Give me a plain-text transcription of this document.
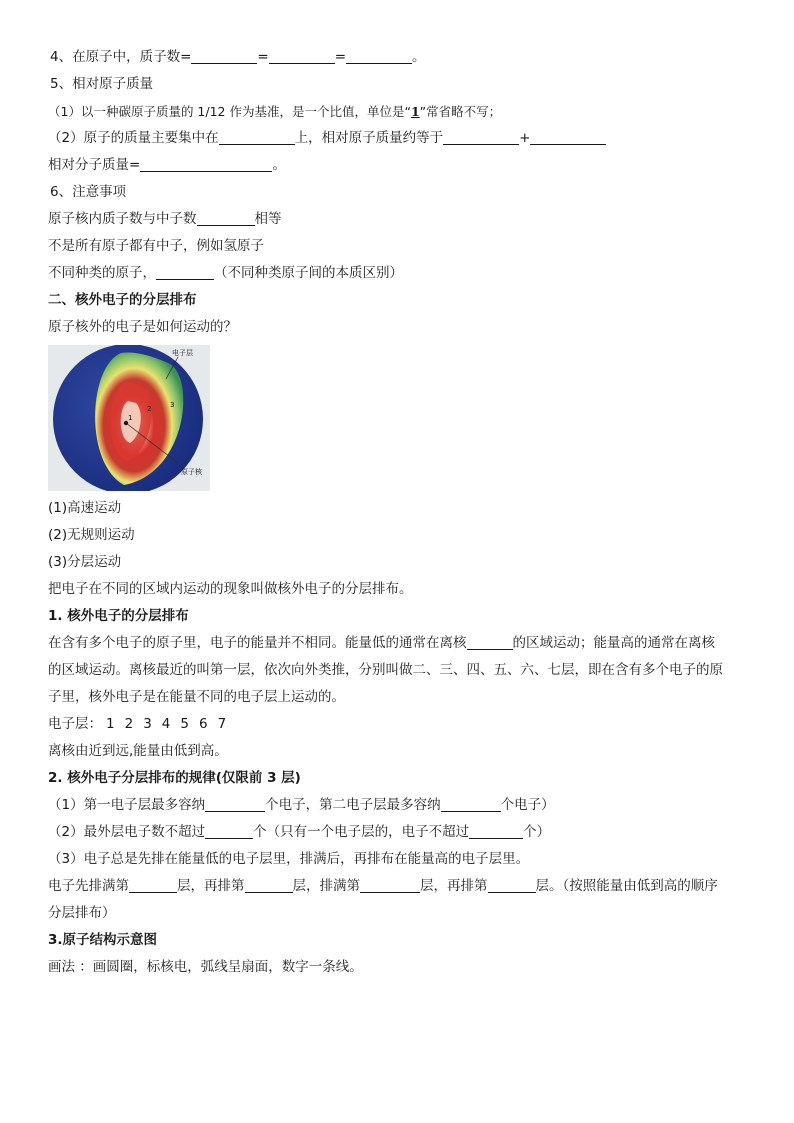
4、在原子中，质子数=	=	=	。
5、相对原子质量
（1）以一种碳原子质量的 1/12 作为基准，是一个比值，单位是“1”常省略不写；
（2）原子的质量主要集中在	上，相对原子质量约等于	+
相对分子质量=	。
6、注意事项
原子核内质子数与中子数	相等
不是所有原子都有中子，例如氢原子
不同种类的原子，	（不同种类原子间的本质区别）
二、核外电子的分层排布
原子核外的电子是如何运动的？
1
2	3
电子层
原子核
(1)高速运动
(2)无规则运动
(3)分层运动
把电子在不同的区域内运动的现象叫做核外电子的分层排布。
1. 核外电子的分层排布
在含有多个电子的原子里，电子的能量并不相同。能量低的通常在离核	的区域运动；能量高的通常在离核
的区域运动。离核最近的叫第一层，依次向外类推，分别叫做二、三、四、五、六、七层，即在含有多个电子的原
子里，核外电子是在能量不同的电子层上运动的。
电子层： 1 2 3 4 5 6 7
离核由近到远,能量由低到高。
2. 核外电子分层排布的规律(仅限前 3 层)
（1）第一电子层最多容纳	个电子，第二电子层最多容纳	个电子）
（2）最外层电子数不超过	个（只有一个电子层的，电子不超过	个）
（3）电子总是先排在能量低的电子层里，排满后，再排布在能量高的电子层里。
电子先排满第	层，再排第	层，排满第	层，再排第	层。（按照能量由低到高的顺序
分层排布）
3.原子结构示意图
画法 ：画圆圈，标核电，弧线呈扇面，数字一条线。
